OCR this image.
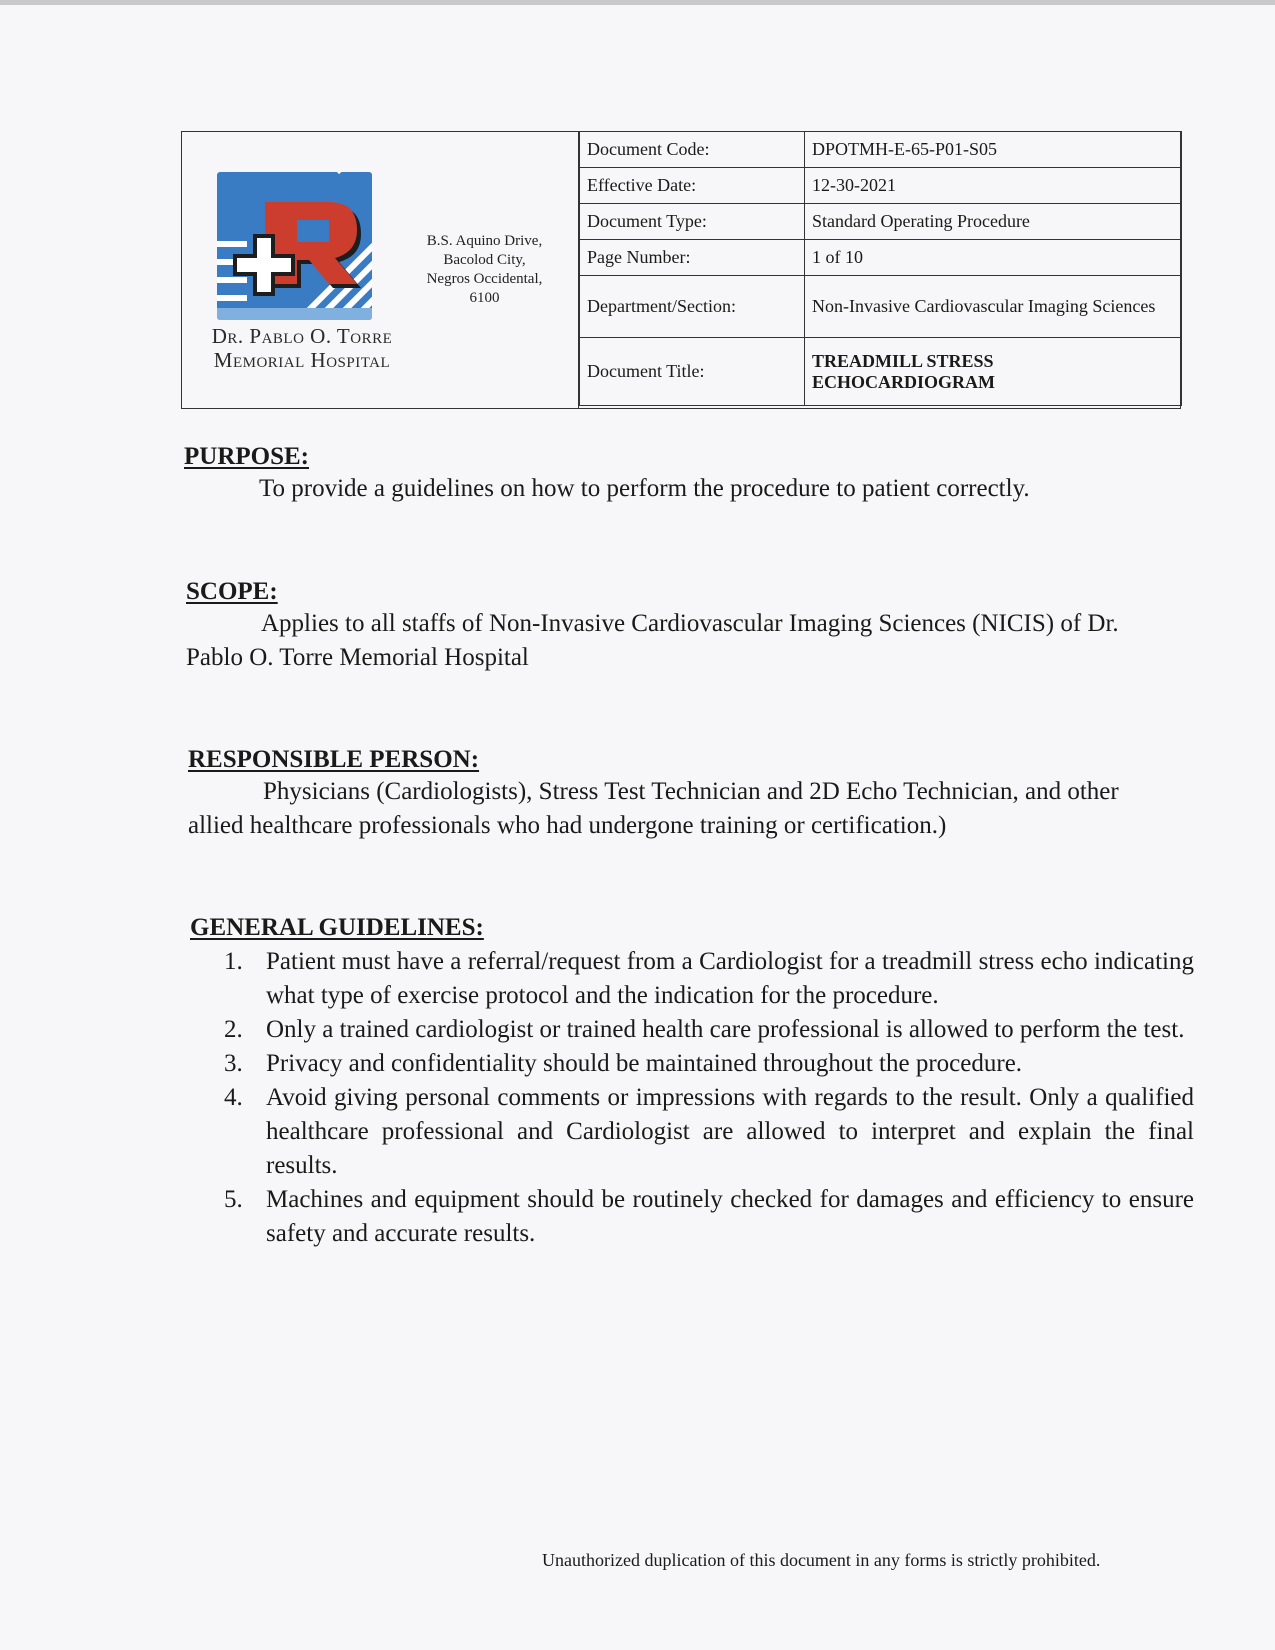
Dr. Pablo O. Torre
Memorial Hospital
B.S. Aquino Drive,
Bacolod City,
Negros Occidental,
6100
Document Code:	DPOTMH-E-65-P01-S05
Effective Date:	12-30-2021
Document Type:	Standard Operating Procedure
Page Number:	1 of 10
Department/Section:	Non-Invasive Cardiovascular Imaging Sciences
Document Title:	TREADMILL STRESS
ECHOCARDIOGRAM
PURPOSE:
To provide a guidelines on how to perform the procedure to patient correctly.
SCOPE:
Applies to all staffs of Non-Invasive Cardiovascular Imaging Sciences (NICIS) of Dr. Pablo O. Torre Memorial Hospital
RESPONSIBLE PERSON:
Physicians (Cardiologists), Stress Test Technician and 2D Echo Technician, and other allied healthcare professionals who had undergone training or certification.)
GENERAL GUIDELINES:
1. Patient must have a referral/request from a Cardiologist for a treadmill stress echo indicating what type of exercise protocol and the indication for the procedure.
2. Only a trained cardiologist or trained health care professional is allowed to perform the test.
3. Privacy and confidentiality should be maintained throughout the procedure.
4. Avoid giving personal comments or impressions with regards to the result. Only a qualified healthcare professional and Cardiologist are allowed to interpret and explain the final results.
5. Machines and equipment should be routinely checked for damages and efficiency to ensure safety and accurate results.
Unauthorized duplication of this document in any forms is strictly prohibited.
